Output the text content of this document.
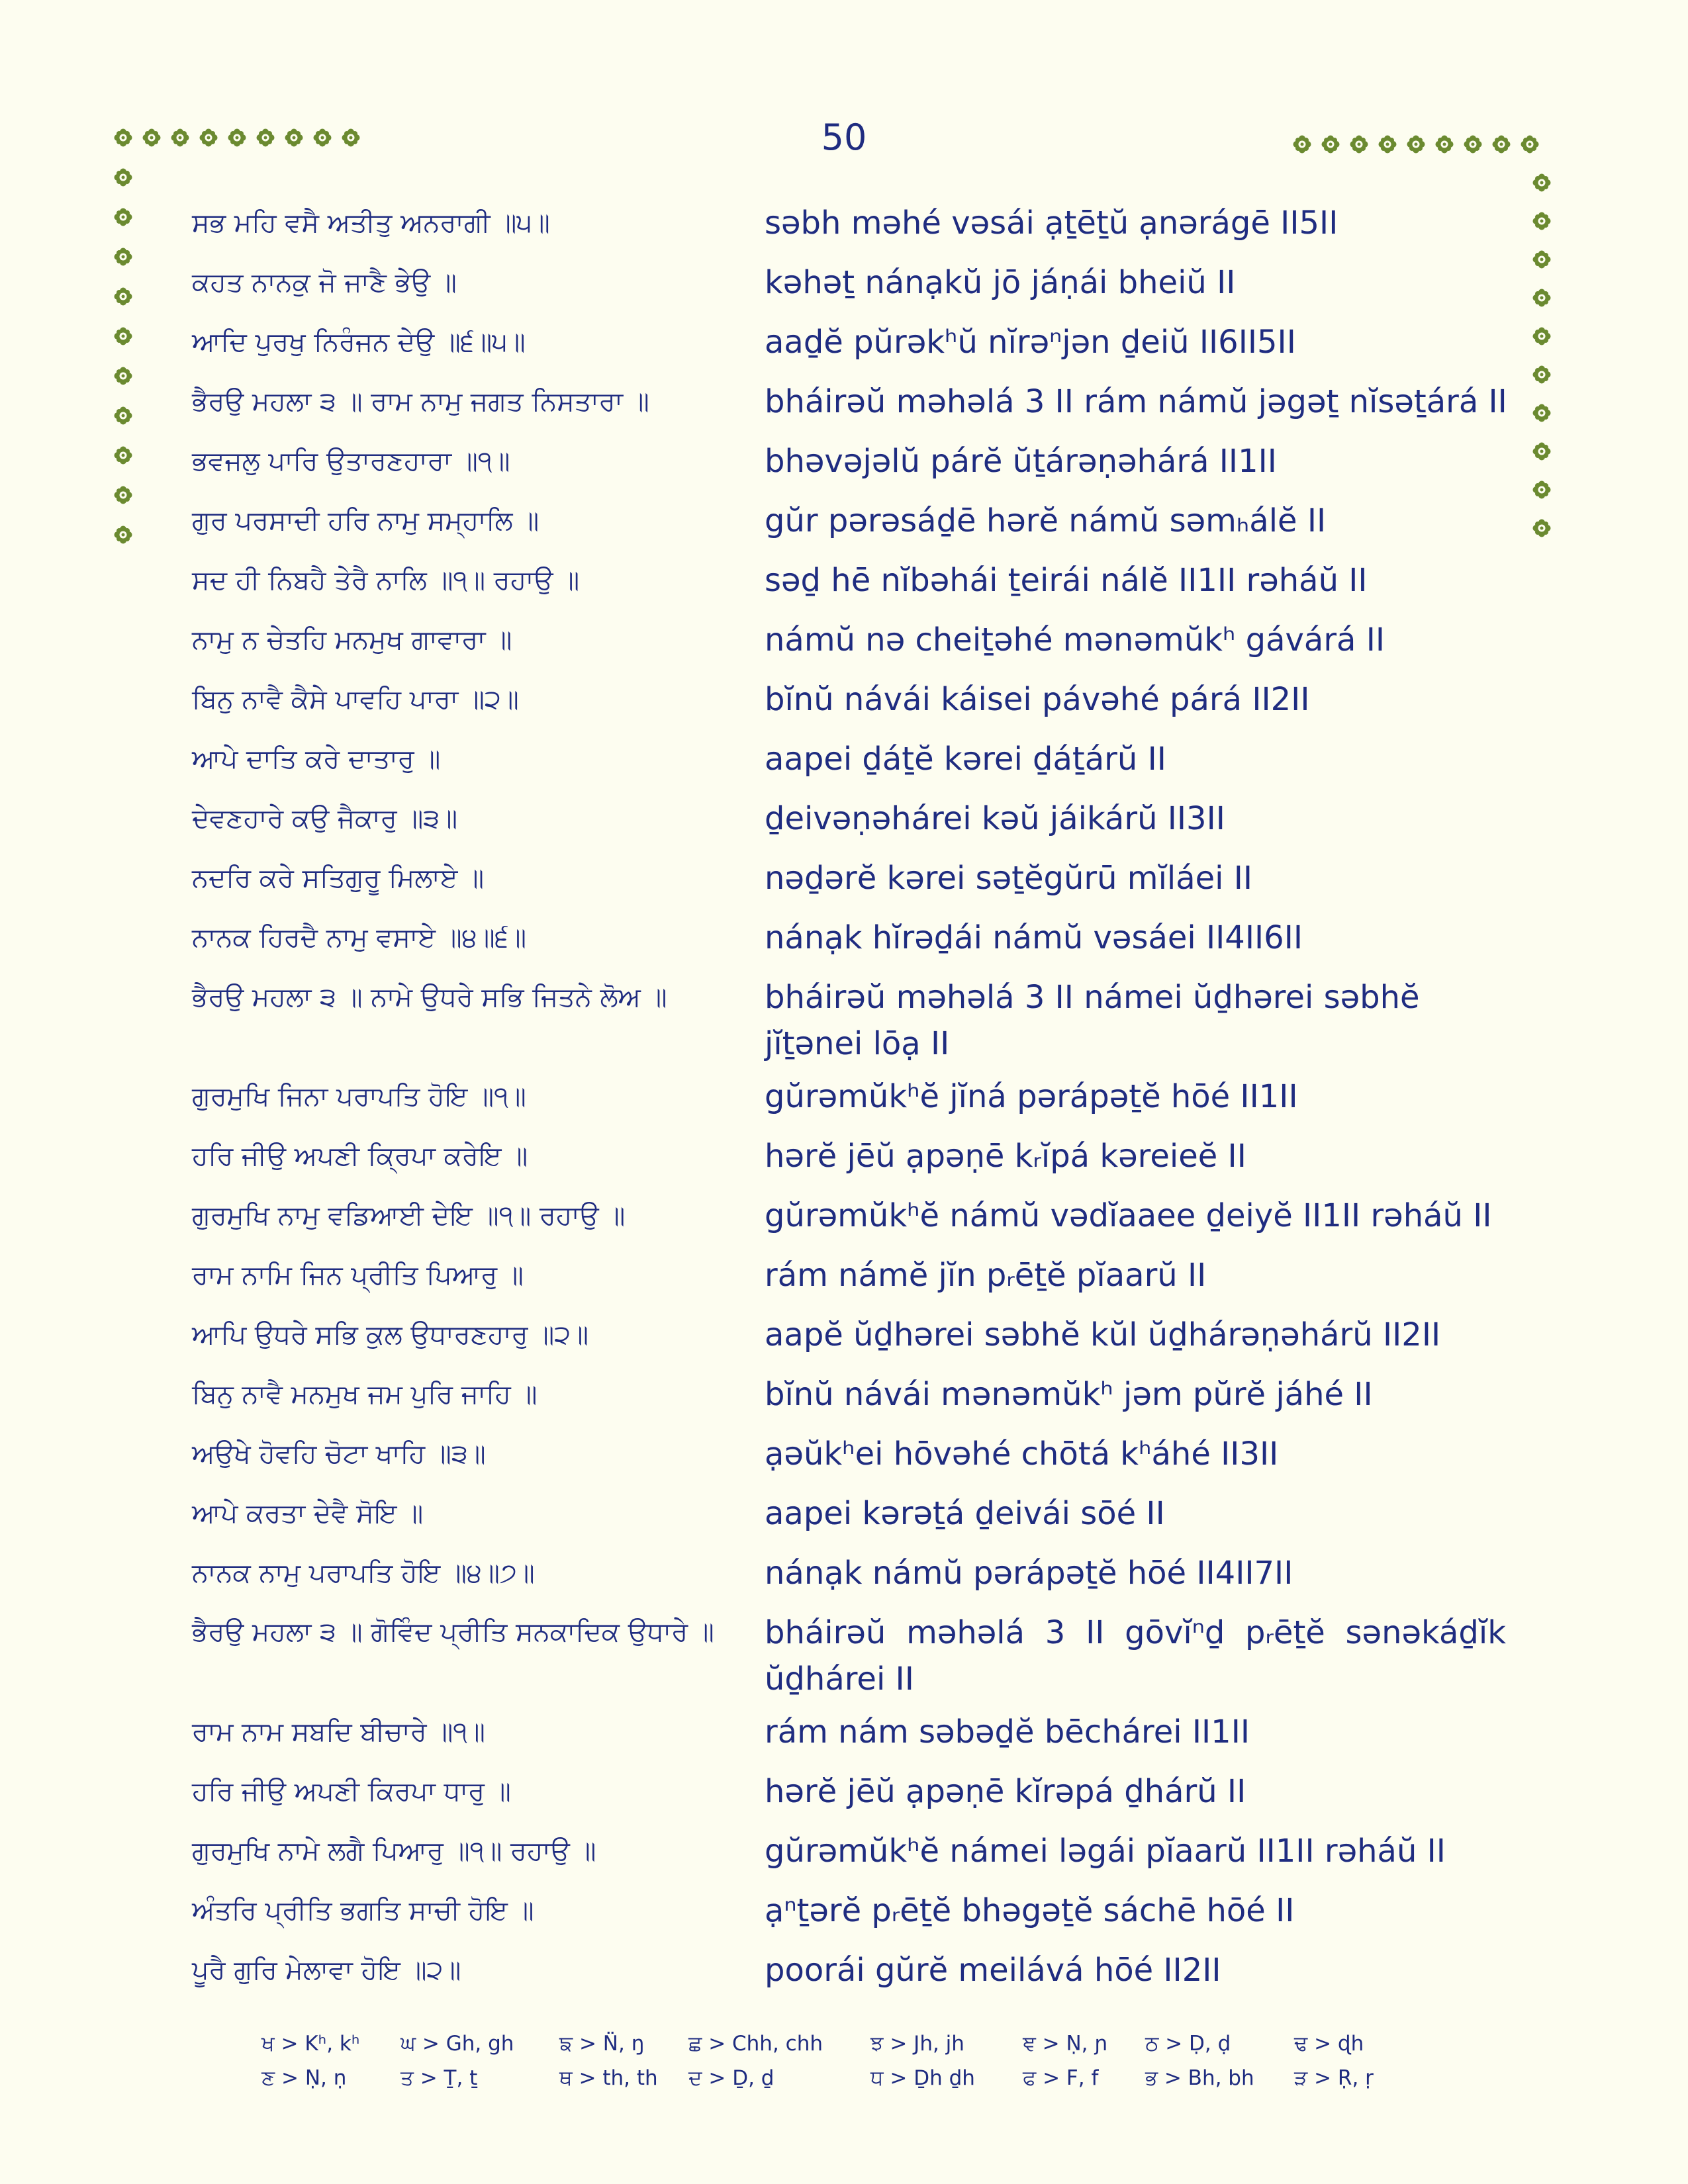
50
ਸਭ ਮਹਿ ਵਸੈ ਅਤੀਤੁ ਅਨਰਾਗੀ ॥੫॥	səbh məhé vəsái ạṯēṯŭ ạnərágē II5II
ਕਹਤ ਨਾਨਕੁ ਜੋ ਜਾਣੈ ਭੇਉ ॥	kəhəṯ nánạkŭ jō jáṇái bheiŭ II
ਆਦਿ ਪੁਰਖੁ ਨਿਰੰਜਨ ਦੇਉ ॥੬॥੫॥	aaḏĕ pŭrəkʰŭ nĭrəⁿjən ḏeiŭ II6II5II
ਭੈਰਉ ਮਹਲਾ ੩ ॥ ਰਾਮ ਨਾਮੁ ਜਗਤ ਨਿਸਤਾਰਾ ॥	bháirəŭ məhəlá 3 II rám námŭ jəgəṯ nĭsəṯárá II
ਭਵਜਲੁ ਪਾਰਿ ਉਤਾਰਣਹਾਰਾ ॥੧॥	bhəvəjəlŭ párĕ ŭṯárəṇəhárá II1II
ਗੁਰ ਪਰਸਾਦੀ ਹਰਿ ਨਾਮੁ ਸਮ੍ਹਾਲਿ ॥	gŭr pərəsáḏē hərĕ námŭ səmₕálĕ II
ਸਦ ਹੀ ਨਿਬਹੈ ਤੇਰੈ ਨਾਲਿ ॥੧॥ ਰਹਾਉ ॥	səḏ hē nĭbəhái ṯeirái nálĕ II1II rəháŭ II
ਨਾਮੁ ਨ ਚੇਤਹਿ ਮਨਮੁਖ ਗਾਵਾਰਾ ॥	námŭ nə cheiṯəhé mənəmŭkʰ gávárá II
ਬਿਨੁ ਨਾਵੈ ਕੈਸੇ ਪਾਵਹਿ ਪਾਰਾ ॥੨॥	bĭnŭ návái káisei pávəhé párá II2II
ਆਪੇ ਦਾਤਿ ਕਰੇ ਦਾਤਾਰੁ ॥	aapei ḏáṯĕ kərei ḏáṯárŭ II
ਦੇਵਣਹਾਰੇ ਕਉ ਜੈਕਾਰੁ ॥੩॥	ḏeivəṇəhárei kəŭ jáikárŭ II3II
ਨਦਰਿ ਕਰੇ ਸਤਿਗੁਰੂ ਮਿਲਾਏ ॥	nəḏərĕ kərei səṯĕgŭrū mĭláei II
ਨਾਨਕ ਹਿਰਦੈ ਨਾਮੁ ਵਸਾਏ ॥੪॥੬॥	nánạk hĭrəḏái námŭ vəsáei II4II6II
ਭੈਰਉ ਮਹਲਾ ੩ ॥ ਨਾਮੇ ਉਧਰੇ ਸਭਿ ਜਿਤਨੇ ਲੋਅ ॥	bháirəŭ məhəlá 3 II námei ŭḏhərei səbhĕ jĭṯənei lōạ II
ਗੁਰਮੁਖਿ ਜਿਨਾ ਪਰਾਪਤਿ ਹੋਇ ॥੧॥	gŭrəmŭkʰĕ jĭná pərápəṯĕ hōé II1II
ਹਰਿ ਜੀਉ ਅਪਣੀ ਕ੍ਰਿਪਾ ਕਰੇਇ ॥	hərĕ jēŭ ạpəṇē kᵣĭpá kəreieĕ II
ਗੁਰਮੁਖਿ ਨਾਮੁ ਵਡਿਆਈ ਦੇਇ ॥੧॥ ਰਹਾਉ ॥	gŭrəmŭkʰĕ námŭ vədĭaaee ḏeiyĕ II1II rəháŭ II
ਰਾਮ ਨਾਮਿ ਜਿਨ ਪ੍ਰੀਤਿ ਪਿਆਰੁ ॥	rám námĕ jĭn pᵣēṯĕ pĭaarŭ II
ਆਪਿ ਉਧਰੇ ਸਭਿ ਕੁਲ ਉਧਾਰਣਹਾਰੁ ॥੨॥	aapĕ ŭḏhərei səbhĕ kŭl ŭḏhárəṇəhárŭ II2II
ਬਿਨੁ ਨਾਵੈ ਮਨਮੁਖ ਜਮ ਪੁਰਿ ਜਾਹਿ ॥	bĭnŭ návái mənəmŭkʰ jəm pŭrĕ jáhé II
ਅਉਖੇ ਹੋਵਹਿ ਚੋਟਾ ਖਾਹਿ ॥੩॥	ạəŭkʰei hōvəhé chōtá kʰáhé II3II
ਆਪੇ ਕਰਤਾ ਦੇਵੈ ਸੋਇ ॥	aapei kərəṯá ḏeivái sōé II
ਨਾਨਕ ਨਾਮੁ ਪਰਾਪਤਿ ਹੋਇ ॥੪॥੭॥	nánạk námŭ pərápəṯĕ hōé II4II7II
ਭੈਰਉ ਮਹਲਾ ੩ ॥ ਗੋਵਿੰਦ ਪ੍ਰੀਤਿ ਸਨਕਾਦਿਕ ਉਧਾਰੇ ॥ bháirəŭ məhəlá 3 II gōvĭⁿḏ pᵣēṯĕ sənəkáḏĭk ŭḏhárei II
ਰਾਮ ਨਾਮ ਸਬਦਿ ਬੀਚਾਰੇ ॥੧॥	rám nám səbəḏĕ bēchárei II1II
ਹਰਿ ਜੀਉ ਅਪਣੀ ਕਿਰਪਾ ਧਾਰੁ ॥	hərĕ jēŭ ạpəṇē kĭrəpá ḏhárŭ II
ਗੁਰਮੁਖਿ ਨਾਮੇ ਲਗੈ ਪਿਆਰੁ ॥੧॥ ਰਹਾਉ ॥	gŭrəmŭkʰĕ námei ləgái pĭaarŭ II1II rəháŭ II
ਅੰਤਰਿ ਪ੍ਰੀਤਿ ਭਗਤਿ ਸਾਚੀ ਹੋਇ ॥	ạⁿṯərĕ pᵣēṯĕ bhəgəṯĕ sáchē hōé II
ਪੂਰੈ ਗੁਰਿ ਮੇਲਾਵਾ ਹੋਇ ॥੨॥	poorái gŭrĕ meilává hōé II2II
ਖ > Kʰ, kʰ ਘ > Gh, gh ਙ > N̈, ŋ ਛ > Chh, chh ਝ > Jh, jh	ਞ > Ṇ, ɲ ਠ > Ḍ, ḍ	ਢ > ɖh
ਣ > Ṇ, ṇ	ਤ > Ṯ, ṯ	ਥ > th, th ਦ > Ḏ, ḏ	ਧ > Ḏh ḏh ਫ > F, f ਭ > Bh, bh ੜ > Ṛ, ṛ
